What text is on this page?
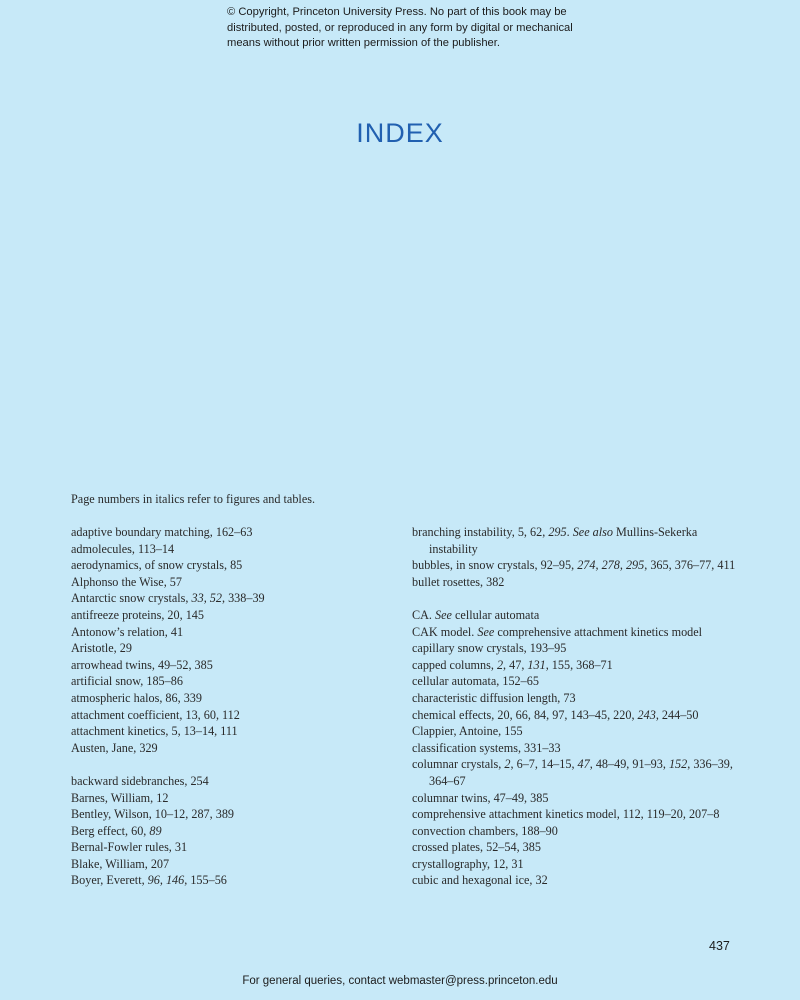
© Copyright, Princeton University Press. No part of this book may be
distributed, posted, or reproduced in any form by digital or mechanical
means without prior written permission of the publisher.
INDEX
Page numbers in italics refer to figures and tables.
adaptive boundary matching, 162–63
admolecules, 113–14
aerodynamics, of snow crystals, 85
Alphonso the Wise, 57
Antarctic snow crystals, 33, 52, 338–39
antifreeze proteins, 20, 145
Antonow’s relation, 41
Aristotle, 29
arrowhead twins, 49–52, 385
artificial snow, 185–86
atmospheric halos, 86, 339
attachment coefficient, 13, 60, 112
attachment kinetics, 5, 13–14, 111
Austen, Jane, 329
backward sidebranches, 254
Barnes, William, 12
Bentley, Wilson, 10–12, 287, 389
Berg effect, 60, 89
Bernal-Fowler rules, 31
Blake, William, 207
Boyer, Everett, 96, 146, 155–56
branching instability, 5, 62, 295. See also Mullins-Sekerka instability
bubbles, in snow crystals, 92–95, 274, 278, 295, 365, 376–77, 411
bullet rosettes, 382
CA. See cellular automata
CAK model. See comprehensive attachment kinetics model
capillary snow crystals, 193–95
capped columns, 2, 47, 131, 155, 368–71
cellular automata, 152–65
characteristic diffusion length, 73
chemical effects, 20, 66, 84, 97, 143–45, 220, 243, 244–50
Clappier, Antoine, 155
classification systems, 331–33
columnar crystals, 2, 6–7, 14–15, 47, 48–49, 91–93, 152, 336–39, 364–67
columnar twins, 47–49, 385
comprehensive attachment kinetics model, 112, 119–20, 207–8
convection chambers, 188–90
crossed plates, 52–54, 385
crystallography, 12, 31
cubic and hexagonal ice, 32
437
For general queries, contact webmaster@press.princeton.edu
